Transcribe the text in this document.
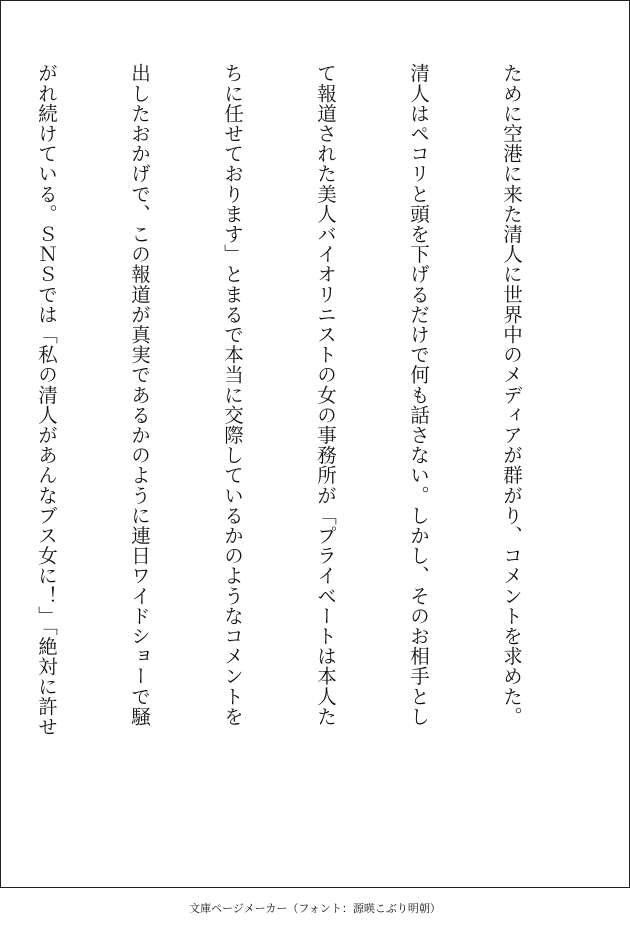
ために空港に来た清人に世界中のメディアが群がり、コメントを求めた。

清人はペコリと頭を下げるだけで何も話さない。しかし、そのお相手とし

て報道された美人バイオリニストの女の事務所が「プライベートは本人た

ちに任せております」とまるで本当に交際しているかのようなコメントを

出したおかげで、この報道が真実であるかのように連日ワイドショーで騒

がれ続けている。ＳＮＳでは「私の清人があんなブス女に！」「絶対に許せ

文庫ページメーカー（フォント：源暎こぶり明朝）
